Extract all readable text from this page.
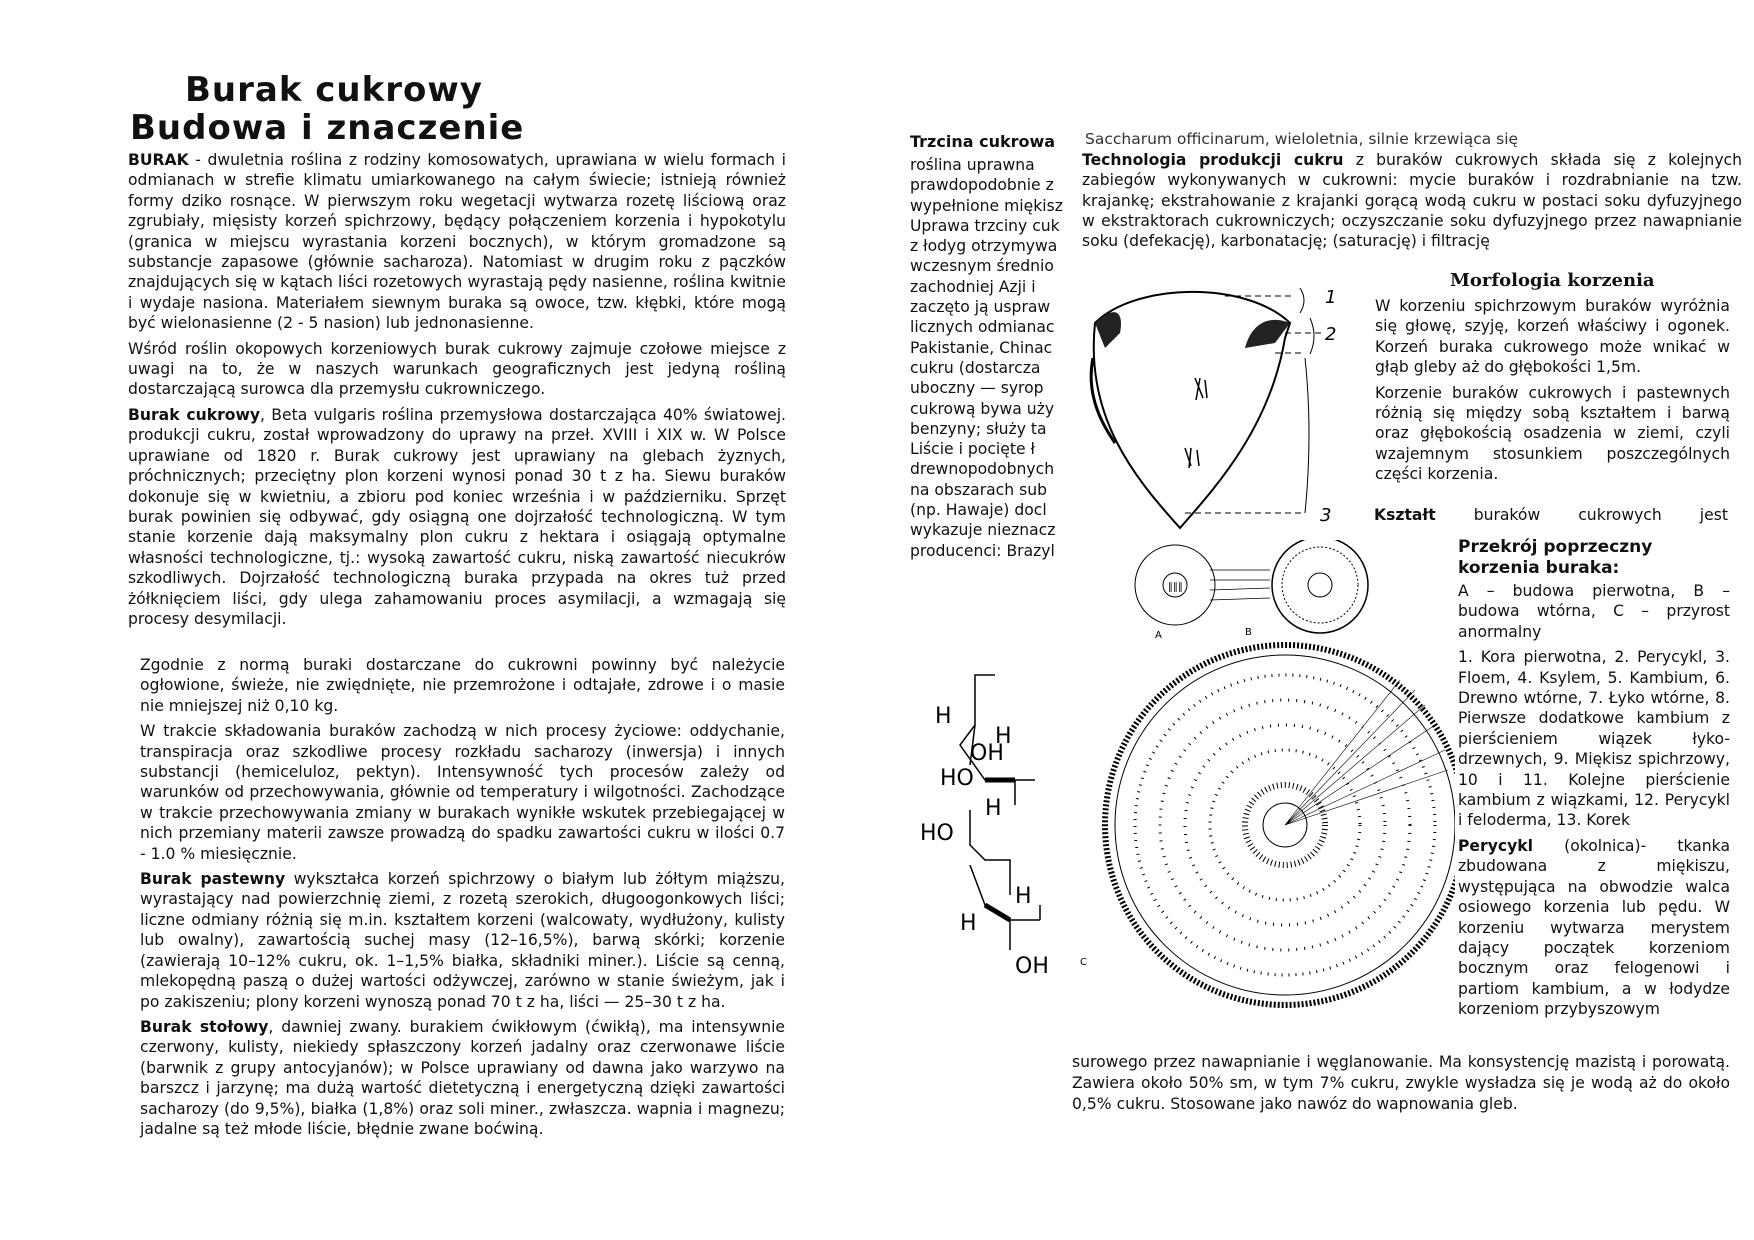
Burak cukrowy
Budowa i znaczenie

BURAK - dwuletnia roślina z rodziny komosowatych, uprawiana w wielu formach i odmianach w strefie klimatu umiarkowanego na całym świecie; istnieją również formy dziko rosnące. W pierwszym roku wegetacji wytwarza rozetę liściową oraz zgrubiały, mięsisty korzeń spichrzowy, będący połączeniem korzenia i hypokotylu (granica w miejscu wyrastania korzeni bocznych), w którym gromadzone są substancje zapasowe (głównie sacharoza). Natomiast w drugim roku z pączków znajdujących się w kątach liści rozetowych wyrastają pędy nasienne, roślina kwitnie i wydaje nasiona. Materiałem siewnym buraka są owoce, tzw. kłębki, które mogą być wielonasienne (2 - 5 nasion) lub jednonasienne.

Wśród roślin okopowych korzeniowych burak cukrowy zajmuje czołowe miejsce z uwagi na to, że w naszych warunkach geograficznych jest jedyną rośliną dostarczającą surowca dla przemysłu cukrowniczego.

Burak cukrowy, Beta vulgaris roślina przemysłowa dostarczająca 40% światowej. produkcji cukru, został wprowadzony do uprawy na przeł. XVIII i XIX w. W Polsce uprawiane od 1820 r. Burak cukrowy jest uprawiany na glebach żyznych, próchnicznych; przeciętny plon korzeni wynosi ponad 30 t z ha. Siewu buraków dokonuje się w kwietniu, a zbioru pod koniec września i w październiku. Sprzęt burak powinien się odbywać, gdy osiągną one dojrzałość technologiczną. W tym stanie korzenie dają maksymalny plon cukru z hektara i osiągają optymalne własności technologiczne, tj.: wysoką zawartość cukru, niską zawartość niecukrów szkodliwych. Dojrzałość technologiczną buraka przypada na okres tuż przed żółknięciem liści, gdy ulega zahamowaniu proces asymilacji, a wzmagają się procesy desymilacji.

Zgodnie z normą buraki dostarczane do cukrowni powinny być należycie ogłowione, świeże, nie zwiędnięte, nie przemrożone i odtajałe, zdrowe i o masie nie mniejszej niż 0,10 kg.

W trakcie składowania buraków zachodzą w nich procesy życiowe: oddychanie, transpiracja oraz szkodliwe procesy rozkładu sacharozy (inwersja) i innych substancji (hemiceluloz, pektyn). Intensywność tych procesów zależy od warunków od przechowywania, głównie od temperatury i wilgotności. Zachodzące w trakcie przechowywania zmiany w burakach wynikłe wskutek przebiegającej w nich przemiany materii zawsze prowadzą do spadku zawartości cukru w ilości 0.7 - 1.0 % miesięcznie.

Burak pastewny wykształca korzeń spichrzowy o białym lub żółtym miąższu, wyrastający nad powierzchnię ziemi, z rozetą szerokich, długoogonkowych liści; liczne odmiany różnią się m.in. kształtem korzeni (walcowaty, wydłużony, kulisty lub owalny), zawartością suchej masy (12–16,5%), barwą skórki; korzenie (zawierają 10–12% cukru, ok. 1–1,5% białka, składniki miner.). Liście są cenną, mlekopędną paszą o dużej wartości odżywczej, zarówno w stanie świeżym, jak i po zakiszeniu; plony korzeni wynoszą ponad 70 t z ha, liści — 25–30 t z ha.

Burak stołowy, dawniej zwany. burakiem ćwikłowym (ćwikłą), ma intensywnie czerwony, kulisty, niekiedy spłaszczony korzeń jadalny oraz czerwonawe liście (barwnik z grupy antocyjanów); w Polsce uprawiany od dawna jako warzywo na barszcz i jarzynę; ma dużą wartość dietetyczną i energetyczną dzięki zawartości sacharozy (do 9,5%), białka (1,8%) oraz soli miner., zwłaszcza. wapnia i magnezu; jadalne są też młode liście, błędnie zwane boćwiną.

Trzcina cukrowa	Saccharum officinarum, wieloletnia, silnie krzewiąca się
roślina uprawna
prawdopodobnie z
wypełnione miękisz
Uprawa trzciny cuk
z łodyg otrzymywa
wczesnym średnio
zachodniej Azji i
zaczęto ją uspraw
licznych odmianac
Pakistanie, Chinac
cukru (dostarcza
uboczny — syrop
cukrową bywa uży
benzyny; służy ta
Liście i pocięte ł
drewnopodobnych
na obszarach sub
(np. Hawaje) docl
wykazuje nieznacz
producenci: Brazyl
Technologia produkcji cukru z buraków cukrowych składa się z kolejnych zabiegów wykonywanych w cukrowni: mycie buraków i rozdrabnianie na tzw. krajankę; ekstrahowanie z krajanki gorącą wodą cukru w postaci soku dyfuzyjnego w ekstraktorach cukrowniczych; oczyszczanie soku dyfuzyjnego przez nawapnianie soku (defekację), karbonatację; (saturację) i filtrację
Morfologia korzenia

W korzeniu spichrzowym buraków wyróżnia się głowę, szyję, korzeń właściwy i ogonek. Korzeń buraka cukrowego może wnikać w głąb gleby aż do głębokości 1,5m.

Korzenie buraków cukrowych i pastewnych różnią się między sobą kształtem i barwą oraz głębokością osadzenia w ziemi, czyli wzajemnym stosunkiem poszczególnych części korzenia.

Kształt buraków cukrowych jest
Przekrój poprzeczny korzenia buraka:

A – budowa pierwotna, B – budowa wtórna, C – przyrost anormalny

1. Kora pierwotna, 2. Perycykl, 3. Floem, 4. Ksylem, 5. Kambium, 6. Drewno wtórne, 7. Łyko wtórne, 8. Pierwsze dodatkowe kambium z pierścieniem wiązek łyko-drzewnych, 9. Miękisz spichrzowy, 10 i 11. Kolejne pierścienie kambium z wiązkami, 12. Perycykl i feloderma, 13. Korek

Perycykl (okolnica)- tkanka zbudowana z miękiszu, występująca na obwodzie walca osiowego korzenia lub pędu. W korzeniu wytwarza merystem dający początek korzeniom bocznym oraz felogenowi i partiom kambium, a w łodydze korzeniom przybyszowym

surowego przez nawapnianie i węglanowanie. Ma konsystencję mazistą i porowatą. Zawiera około 50% sm, w tym 7% cukru, zwykle wysładza się je wodą aż do około 0,5% cukru. Stosowane jako nawóz do wapnowania gleb.
1
2
3
∥∥∥
A	B
C
H
H
OH
HO
H
HO
H
H
OH
